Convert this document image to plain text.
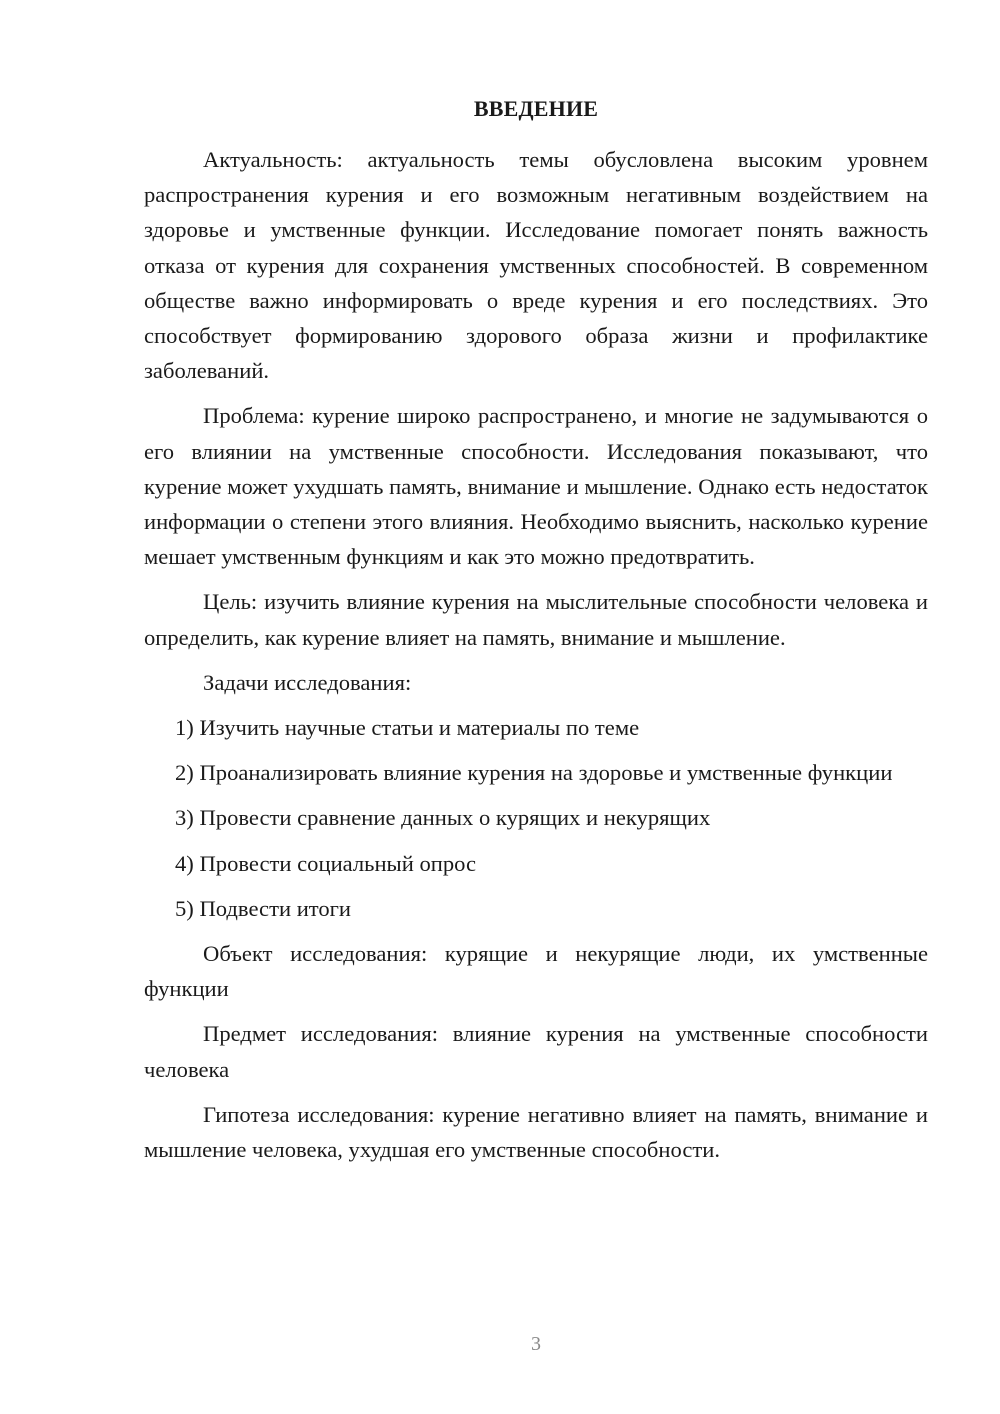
ВВЕДЕНИЕ

Актуальность: актуальность темы обусловлена высоким уровнем распространения курения и его возможным негативным воздействием на здоровье и умственные функции. Исследование помогает понять важность отказа от курения для сохранения умственных способностей. В современном обществе важно информировать о вреде курения и его последствиях. Это способствует формированию здорового образа жизни и профилактике заболеваний.

Проблема: курение широко распространено, и многие не задумываются о его влиянии на умственные способности. Исследования показывают, что курение может ухудшать память, внимание и мышление. Однако есть недостаток информации о степени этого влияния. Необходимо выяснить, насколько курение мешает умственным функциям и как это можно предотвратить.

Цель: изучить влияние курения на мыслительные способности человека и определить, как курение влияет на память, внимание и мышление.

Задачи исследования:

1) Изучить научные статьи и материалы по теме

2) Проанализировать влияние курения на здоровье и умственные функции

3) Провести сравнение данных о курящих и некурящих

4) Провести социальный опрос

5) Подвести итоги

Объект исследования: курящие и некурящие люди, их умственные функции

Предмет исследования: влияние курения на умственные способности человека

Гипотеза исследования: курение негативно влияет на память, внимание и мышление человека, ухудшая его умственные способности.

3
